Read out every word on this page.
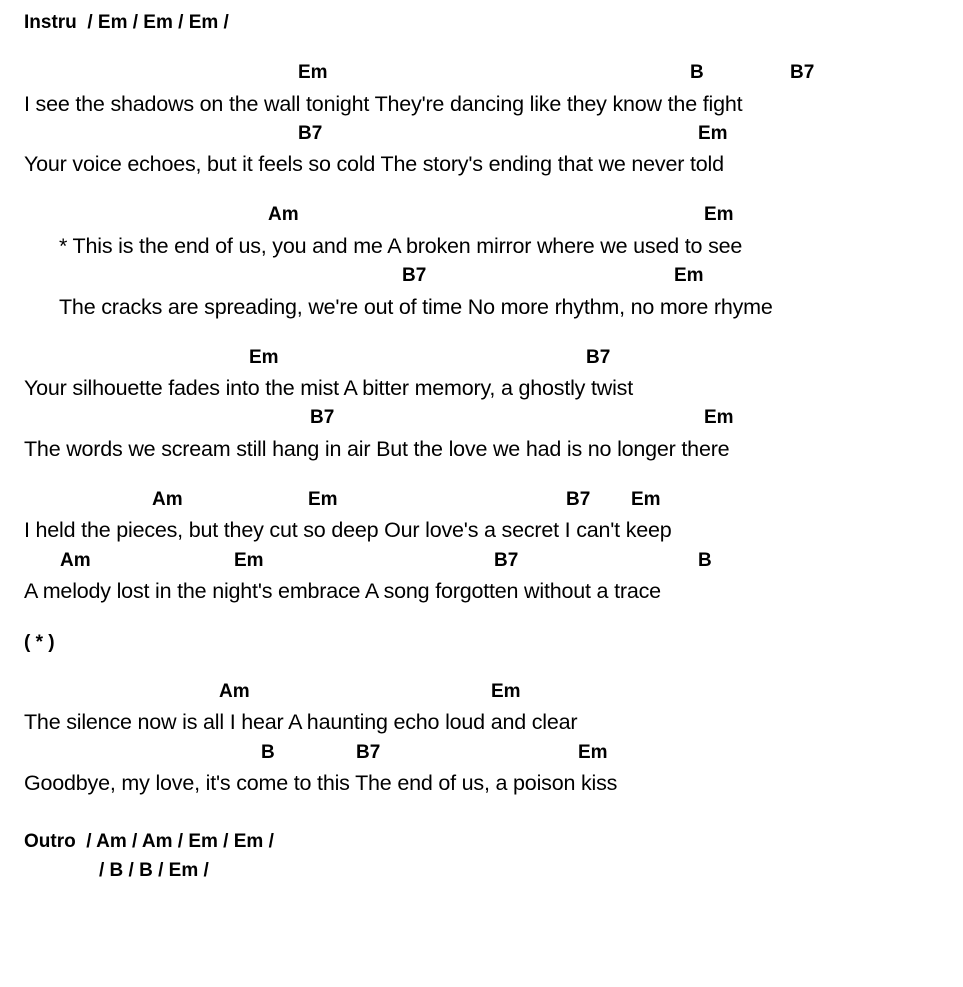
Instru  / Em / Em / Em /
Em	B	B7
I see the shadows on the wall tonight They're dancing like they know the fight
B7	Em
Your voice echoes, but it feels so cold The story's ending that we never told
Am	Em
* This is the end of us, you and me A broken mirror where we used to see
B7	Em
The cracks are spreading, we're out of time No more rhythm, no more rhyme
Em	B7
Your silhouette fades into the mist A bitter memory, a ghostly twist
B7	Em
The words we scream still hang in air But the love we had is no longer there
Am	Em	B7 Em
I held the pieces, but they cut so deep Our love's a secret I can't keep
Am	Em	B7	B
A melody lost in the night's embrace A song forgotten without a trace
( * )
Am	Em
The silence now is all I hear A haunting echo loud and clear
B	B7	Em
Goodbye, my love, it's come to this The end of us, a poison kiss
Outro  / Am / Am / Em / Em /
/ B / B / Em /
